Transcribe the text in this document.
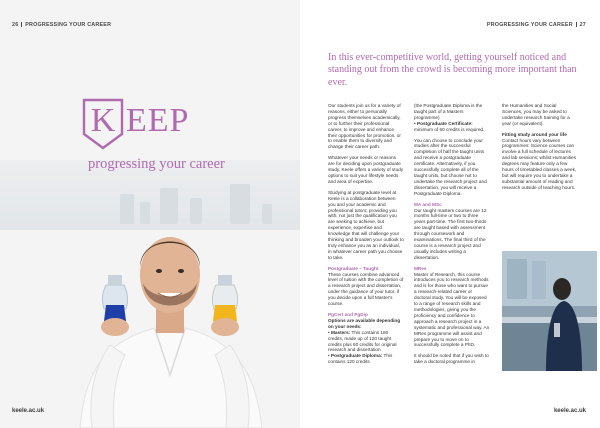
26 PROGRESSING YOUR CAREER
K EEP
progressing your career
keele.ac.uk
PROGRESSING YOUR CAREER 27
In this ever-competitive world, getting yourself noticed and standing out from the crowd is becoming more important than ever.

Our students join us for a variety of reasons, either to personally progress themselves academically, or to further their professional career, to improve and enhance their opportunities for promotion, or to enable them to diversify and change their career path.

Whatever your needs or reasons are for deciding upon postgraduate study, Keele offers a variety of study options to suit your lifestyle needs and area of expertise.

Studying at postgraduate level at Keele is a collaboration between you and your academic and professional tutors; providing you with, not just the qualification you are seeking to achieve, but experience, expertise and knowledge that will challenge your thinking and broaden your outlook to truly enhance you as an individual, in whatever career path you choose to take.

Postgraduate – Taught

These courses combine advanced level of tuition with the completion of a research project and dissertation, under the guidance of your tutor, if you decide upon a full Master's course.

PgCert and PgDip

Options are available depending on your needs:

• Masters: This contains 180 credits, made up of 120 taught credits plus 60 credits for original research and dissertation

• Postgraduate Diploma: This contains 120 credits

(the Postgraduate Diploma is the taught part of a Masters programme)

• Postgraduate Certificate: minimum of 60 credits is required.

You can choose to conclude your studies after the successful completion of half the taught units and receive a postgraduate certificate. Alternatively, if you successfully complete all of the taught units, but choose not to undertake the research project and dissertation, you will receive a Postgraduate Diploma.

MA and MSc

Our taught masters courses are 12 months full-time or two to three years part-time. The first two-thirds are taught based with assessment through coursework and examinations. The final third of the course is a research project and usually includes writing a dissertation.

MRes

Master of Research, this course introduces you to research methods and is for those who want to pursue a research-related career or doctoral study. You will be exposed to a range of research skills and methodologies, giving you the proficiency and confidence to approach a research project in a systematic and professional way. An MRes programme will assist and prepare you to move on to successfully complete a PhD.

It should be noted that if you wish to take a doctoral programme in

the Humanities and Social Sciences, you may be asked to undertake research training for a year (or equivalent).

Fitting study around your life

Contact hours vary between programmes: Science courses can involve a full schedule of lectures and lab sessions; whilst Humanities degrees may feature only a few hours of timetabled classes a week, but will require you to undertake a substantial amount of reading and research outside of teaching hours.

keele.ac.uk
